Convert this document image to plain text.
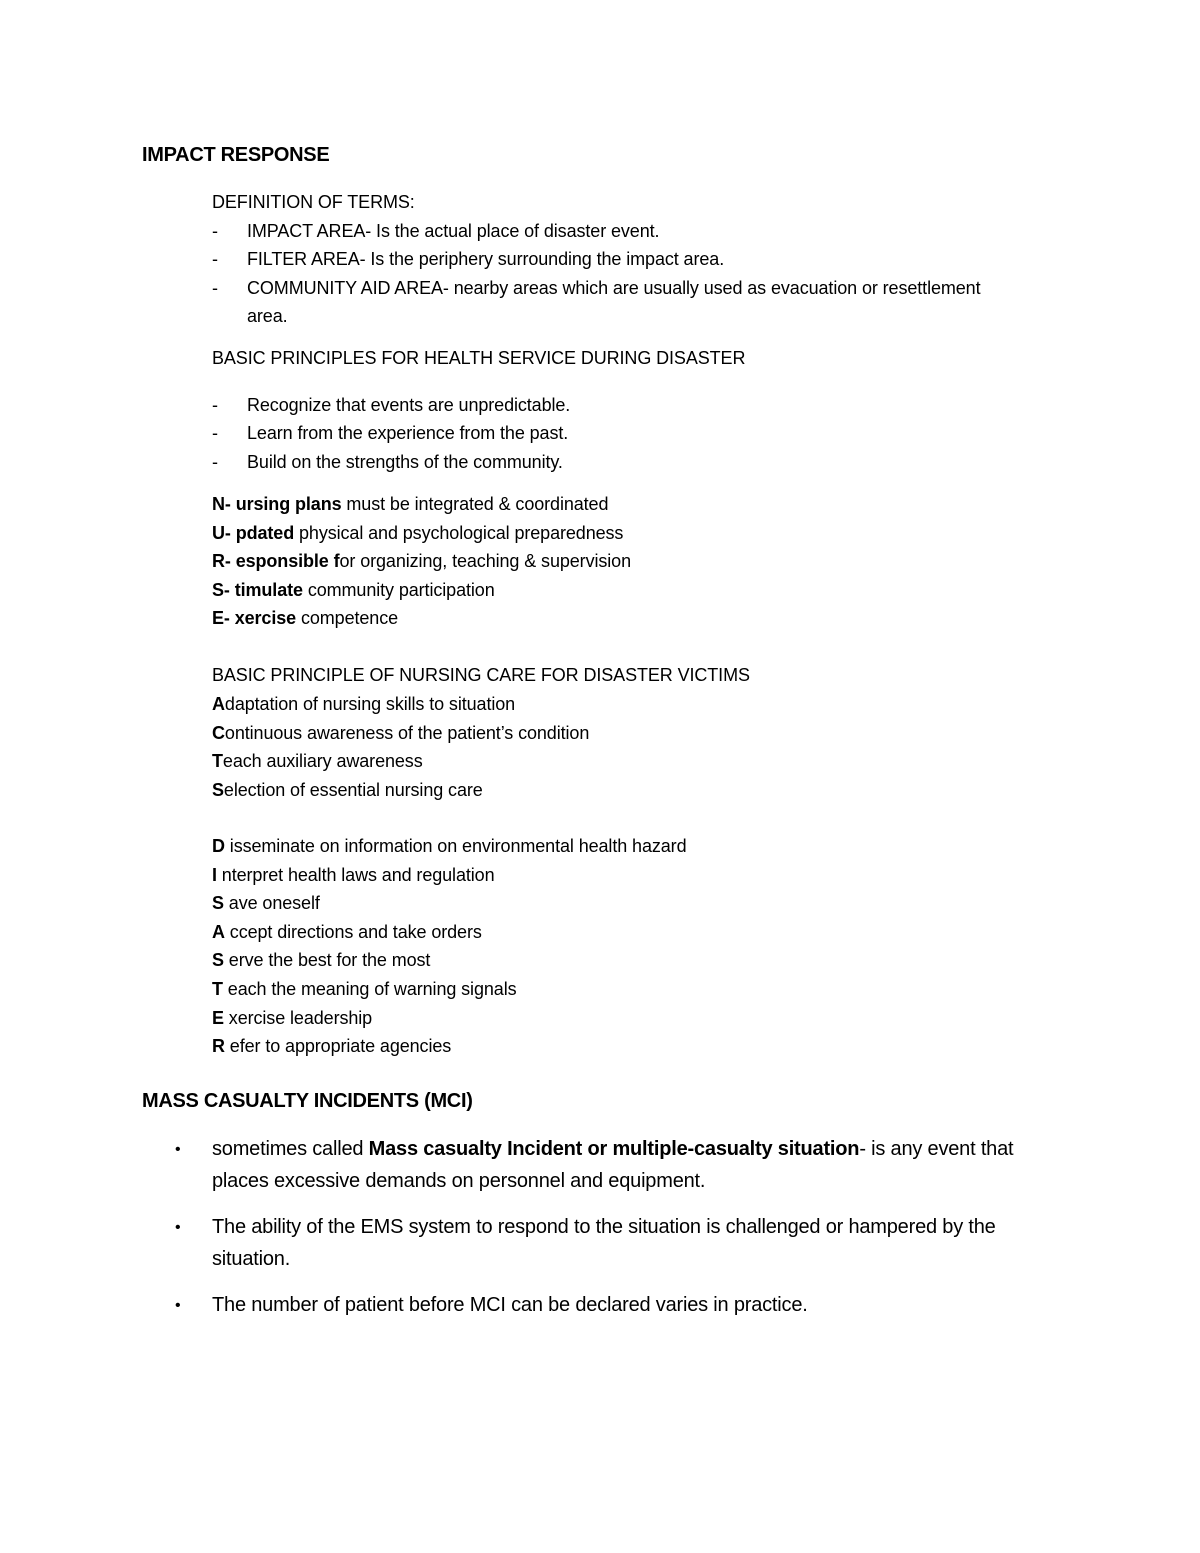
IMPACT RESPONSE
DEFINITION OF TERMS:
- IMPACT AREA- Is the actual place of disaster event.
- FILTER AREA- Is the periphery surrounding the impact area.
- COMMUNITY AID AREA- nearby areas which are usually used as evacuation or resettlement area.
BASIC PRINCIPLES FOR HEALTH SERVICE DURING DISASTER
- Recognize that events are unpredictable.
- Learn from the experience from the past.
- Build on the strengths of the community.
N- ursing plans must be integrated & coordinated
U- pdated physical and psychological preparedness
R- esponsible for organizing, teaching & supervision
S- timulate community participation
E- xercise competence
BASIC PRINCIPLE OF NURSING CARE FOR DISASTER VICTIMS
Adaptation of nursing skills to situation
Continuous awareness of the patient’s condition
Teach auxiliary awareness
Selection of essential nursing care
D isseminate on information on environmental health hazard
I nterpret health laws and regulation
S ave oneself
A ccept directions and take orders
S erve the best for the most
T each the meaning of warning signals
E xercise leadership
R efer to appropriate agencies
MASS CASUALTY INCIDENTS (MCI)
• sometimes called Mass casualty Incident or multiple-casualty situation- is any event that places excessive demands on personnel and equipment.
• The ability of the EMS system to respond to the situation is challenged or hampered by the situation.
• The number of patient before MCI can be declared varies in practice.
